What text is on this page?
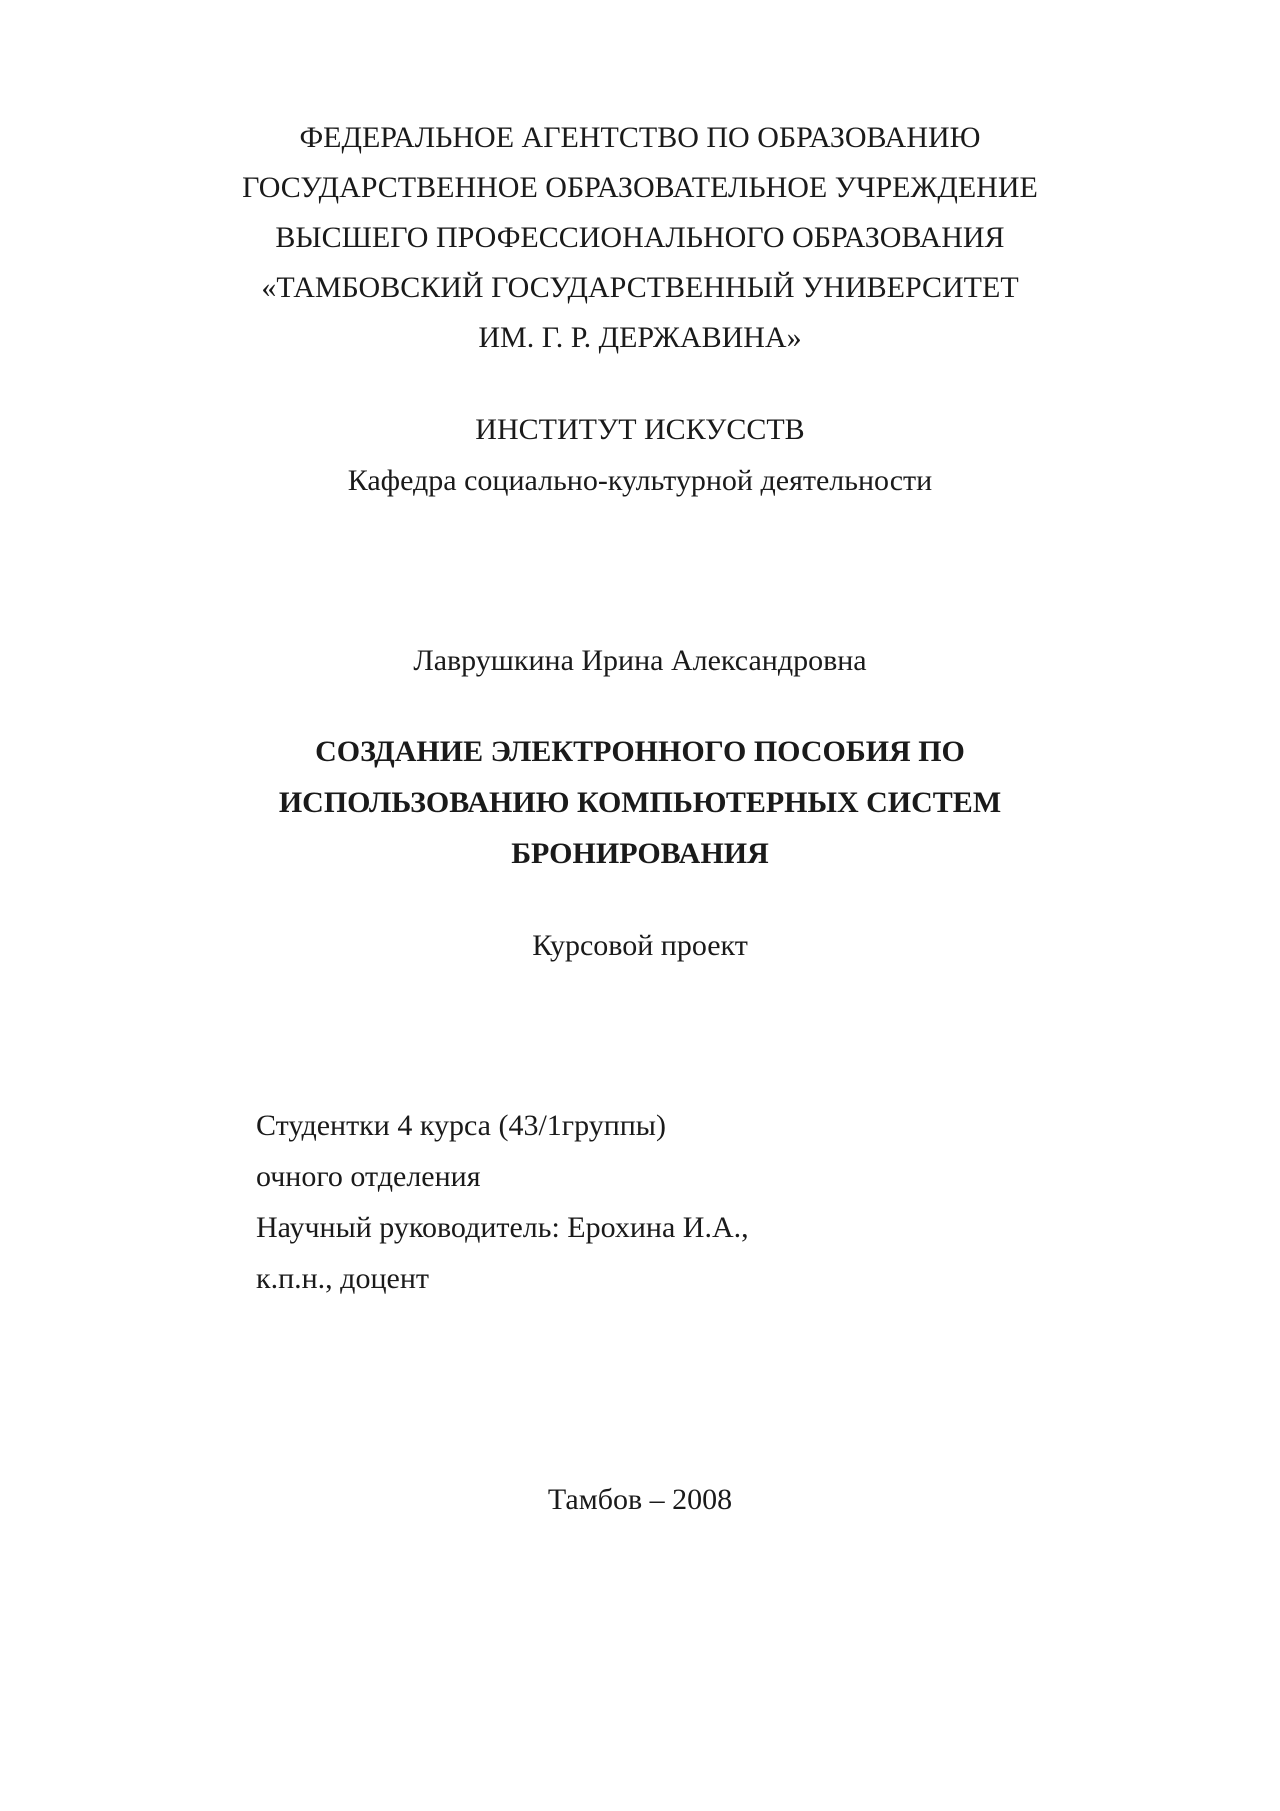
ФЕДЕРАЛЬНОЕ АГЕНТСТВО ПО ОБРАЗОВАНИЮ
ГОСУДАРСТВЕННОЕ ОБРАЗОВАТЕЛЬНОЕ УЧРЕЖДЕНИЕ
ВЫСШЕГО ПРОФЕССИОНАЛЬНОГО ОБРАЗОВАНИЯ
«ТАМБОВСКИЙ ГОСУДАРСТВЕННЫЙ УНИВЕРСИТЕТ
ИМ. Г. Р. ДЕРЖАВИНА»
ИНСТИТУТ ИСКУССТВ
Кафедра социально-культурной деятельности
Лаврушкина Ирина Александровна
СОЗДАНИЕ ЭЛЕКТРОННОГО ПОСОБИЯ ПО
ИСПОЛЬЗОВАНИЮ КОМПЬЮТЕРНЫХ СИСТЕМ
БРОНИРОВАНИЯ
Курсовой проект
Студентки 4 курса (43/1группы)
очного отделения
Научный руководитель: Ерохина И.А.,
к.п.н., доцент
Тамбов – 2008
